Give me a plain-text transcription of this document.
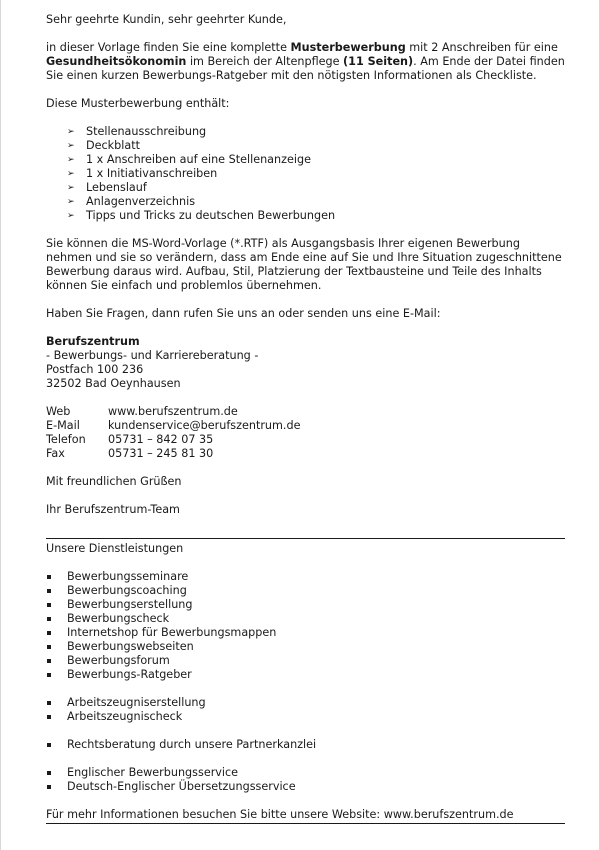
Sehr geehrte Kundin, sehr geehrter Kunde,

in dieser Vorlage finden Sie eine komplette Musterbewerbung mit 2 Anschreiben für eine Gesundheitsökonomin im Bereich der Altenpflege (11 Seiten). Am Ende der Datei finden Sie einen kurzen Bewerbungs-Ratgeber mit den nötigsten Informationen als Checkliste.

Diese Musterbewerbung enthält:

➢ Stellenausschreibung
➢ Deckblatt
➢ 1 x Anschreiben auf eine Stellenanzeige
➢ 1 x Initiativanschreiben
➢ Lebenslauf
➢ Anlagenverzeichnis
➢ Tipps und Tricks zu deutschen Bewerbungen

Sie können die MS-Word-Vorlage (*.RTF) als Ausgangsbasis Ihrer eigenen Bewerbung nehmen und sie so verändern, dass am Ende eine auf Sie und Ihre Situation zugeschnittene Bewerbung daraus wird. Aufbau, Stil, Platzierung der Textbausteine und Teile des Inhalts können Sie einfach und problemlos übernehmen.

Haben Sie Fragen, dann rufen Sie uns an oder senden uns eine E-Mail:

Berufszentrum

- Bewerbungs- und Karriereberatung -

Postfach 100 236

32502 Bad Oeynhausen

Web	www.berufszentrum.de
E-Mail	kundenservice@berufszentrum.de
Telefon	05731 – 842 07 35
Fax	05731 – 245 81 30

Mit freundlichen Grüßen

Ihr Berufszentrum-Team

Unsere Dienstleistungen

Bewerbungsseminare
Bewerbungscoaching
Bewerbungserstellung
Bewerbungscheck
Internetshop für Bewerbungsmappen
Bewerbungswebseiten
Bewerbungsforum
Bewerbungs-Ratgeber
Arbeitszeugniserstellung
Arbeitszeugnischeck
Rechtsberatung durch unsere Partnerkanzlei
Englischer Bewerbungsservice
Deutsch-Englischer Übersetzungsservice

Für mehr Informationen besuchen Sie bitte unsere Website: www.berufszentrum.de
